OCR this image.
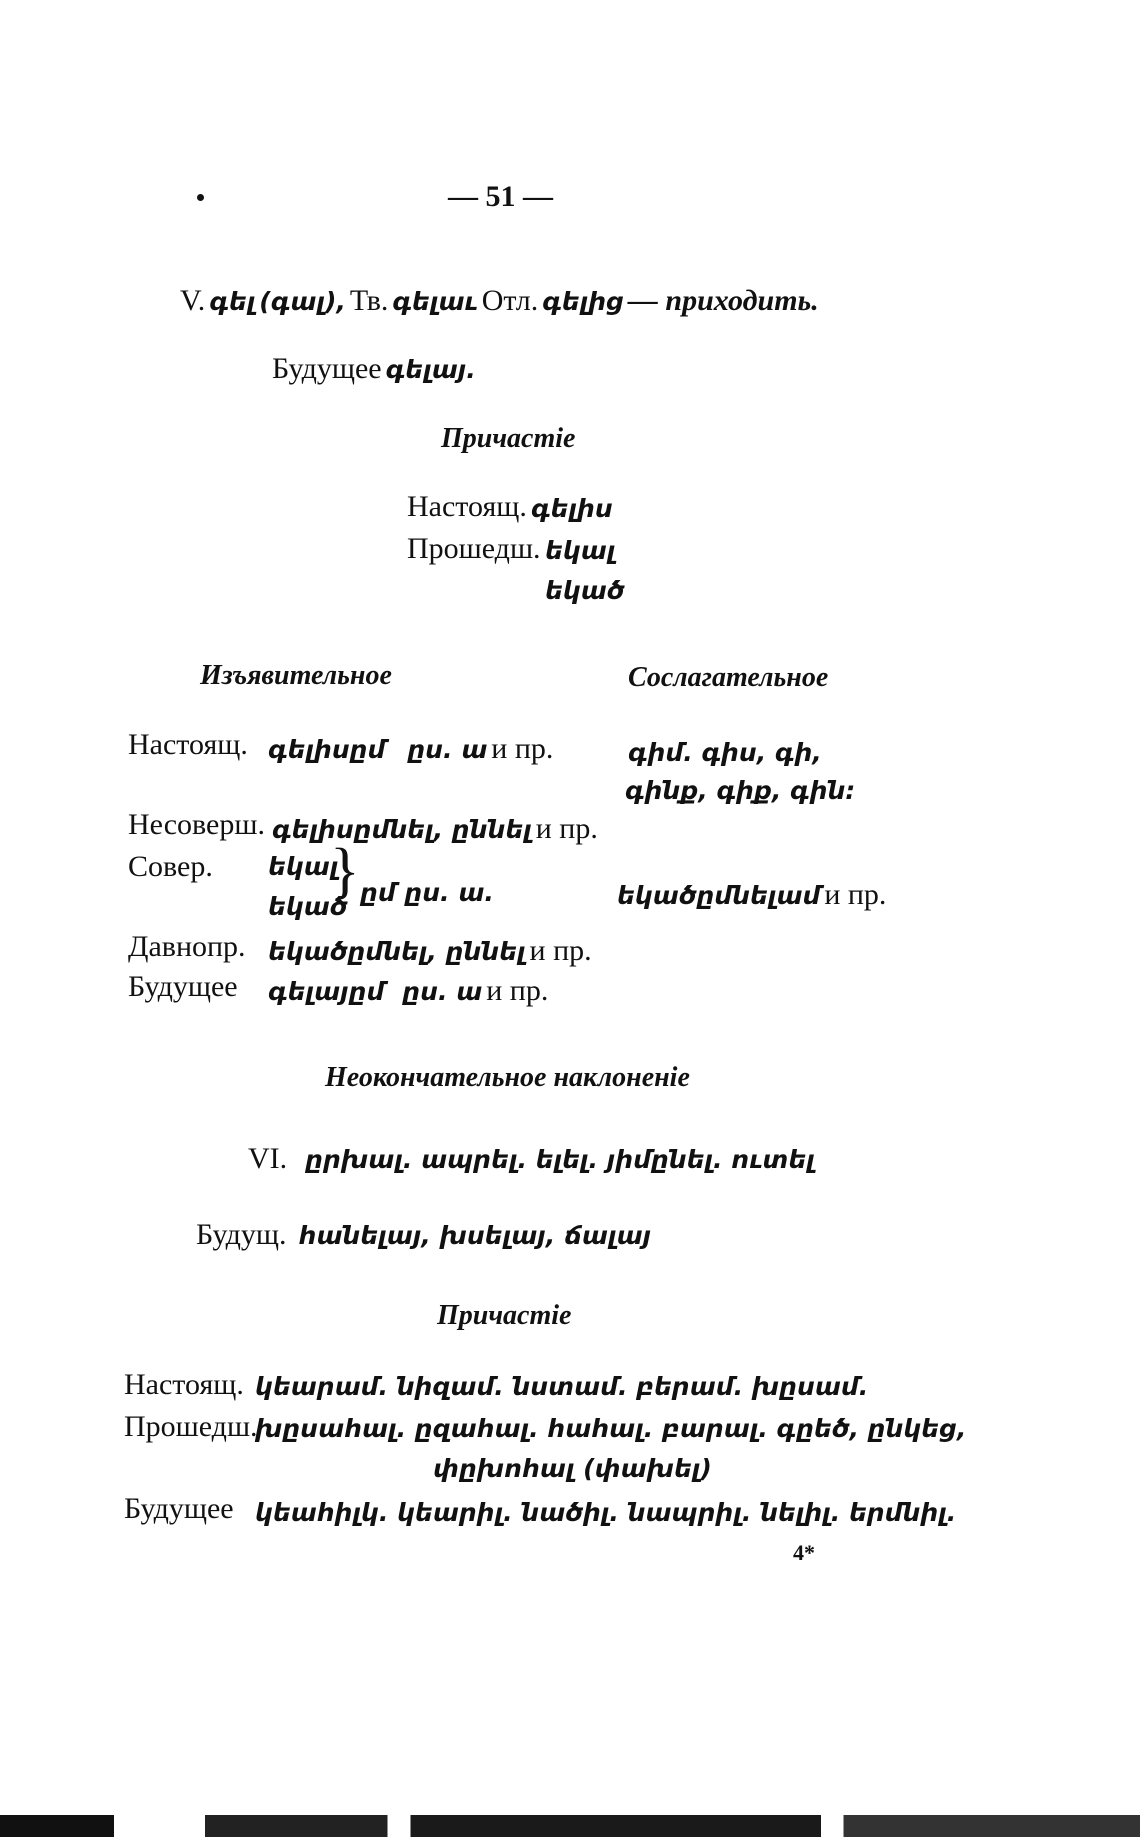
— 51 —
V. գել (գալ), Тв. գելաւ Отл. գելից — приходить.
Будущее գելայ.
Причастіе
Настоящ. գելիս
Прошедш. եկալ
եկած
Изъявительное	Сослагательное
Настоящ. գելիսըմ ըս. ա и пр.
Несоверш. գելիսըմնել, ըննել и пр.
Совер. եկալ
եկած
} ըմ ըս. ա.
Давнопр. եկածըմնել, ըննել и пр.
Будущее գելայըմ ըս. ա и пр.
գիմ. գիս, գի,
գինք, գիք, գին։
եկածըմնելամ и пр.
Неокончательное наклоненіе
VI. ըրխալ. ապրել. ելել. յիմընել. ուտել
Будущ. հանելայ, խսելայ, ճալայ
Причастіе
Настоящ. կեարամ. նիզամ. նստամ. բերամ. խըսամ.
Прошедш.
խըսահալ. ըզահալ. հահալ. բարալ. գըեծ, ընկեց,
փըխոհալ (փախել)
Будущее կեահիլկ. կեարիլ. նածիլ. նապրիլ. նելիլ. երմնիլ.
4*
